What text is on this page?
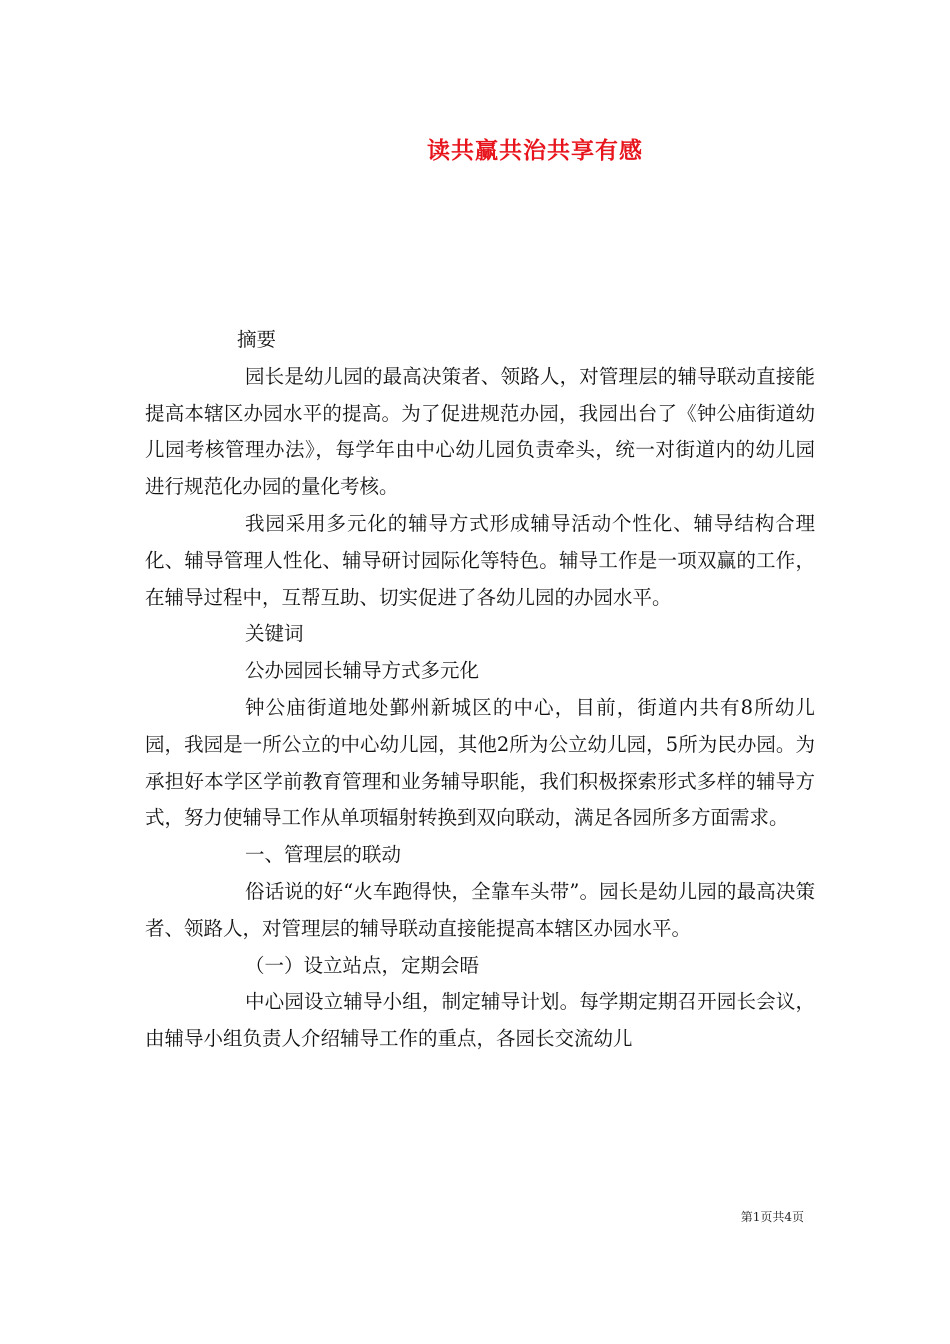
读共赢共治共享有感

摘要

园长是幼儿园的最高决策者、领路人，对管理层的辅导联动直接能提高本辖区办园水平的提高。为了促进规范办园，我园出台了《钟公庙街道幼儿园考核管理办法》，每学年由中心幼儿园负责牵头，统一对街道内的幼儿园进行规范化办园的量化考核。

我园采用多元化的辅导方式形成辅导活动个性化、辅导结构合理化、辅导管理人性化、辅导研讨园际化等特色。辅导工作是一项双赢的工作，在辅导过程中，互帮互助、切实促进了各幼儿园的办园水平。

关键词

公办园园长辅导方式多元化

钟公庙街道地处鄞州新城区的中心，目前，街道内共有8所幼儿园，我园是一所公立的中心幼儿园，其他2所为公立幼儿园，5所为民办园。为承担好本学区学前教育管理和业务辅导职能，我们积极探索形式多样的辅导方式，努力使辅导工作从单项辐射转换到双向联动，满足各园所多方面需求。

一、管理层的联动

俗话说的好“火车跑得快，全靠车头带”。园长是幼儿园的最高决策者、领路人，对管理层的辅导联动直接能提高本辖区办园水平。

（一）设立站点，定期会晤

中心园设立辅导小组，制定辅导计划。每学期定期召开园长会议，由辅导小组负责人介绍辅导工作的重点，各园长交流幼儿

第1页共4页
